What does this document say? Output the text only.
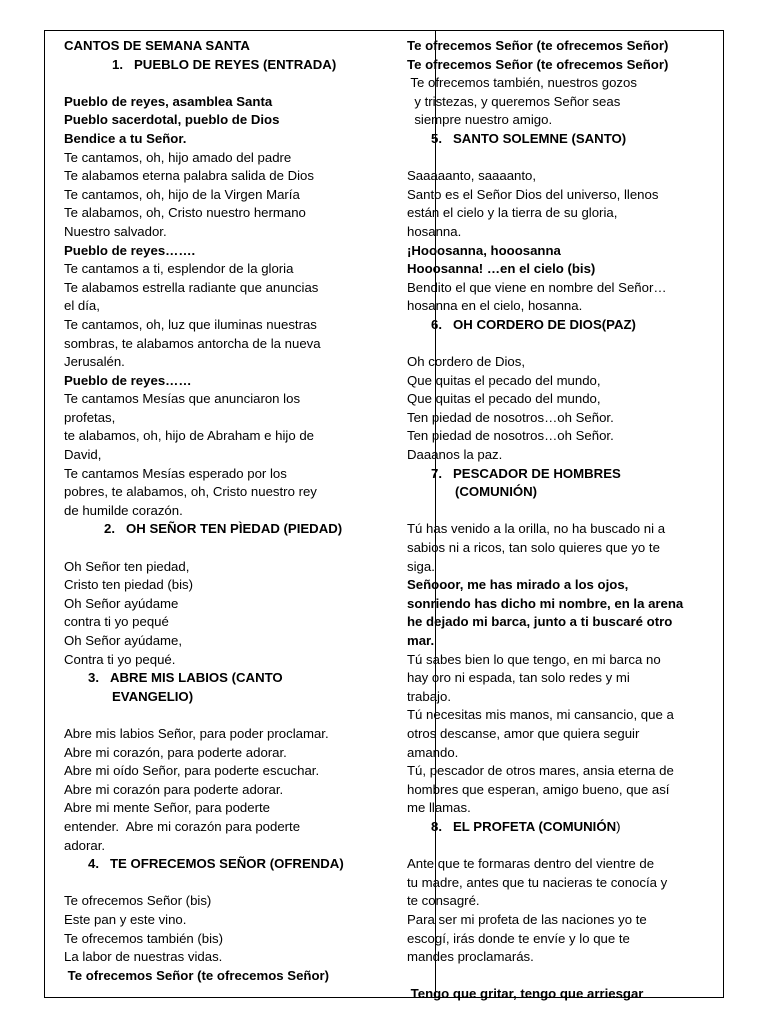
CANTOS DE SEMANA SANTA
1. PUEBLO DE REYES (ENTRADA)
Pueblo de reyes, asamblea Santa
Pueblo sacerdotal, pueblo de Dios
Bendice a tu Señor.
Te cantamos, oh, hijo amado del padre
Te alabamos eterna palabra salida de Dios
Te cantamos, oh, hijo de la Virgen María
Te alabamos, oh, Cristo nuestro hermano
Nuestro salvador.
Pueblo de reyes…….
Te cantamos a ti, esplendor de la gloria
Te alabamos estrella radiante que anuncias
el día,
Te cantamos, oh, luz que iluminas nuestras
sombras, te alabamos antorcha de la nueva
Jerusalén.
Pueblo de reyes……
Te cantamos Mesías que anunciaron los
profetas,
te alabamos, oh, hijo de Abraham e hijo de
David,
Te cantamos Mesías esperado por los
pobres, te alabamos, oh, Cristo nuestro rey
de humilde corazón.
2. OH SEÑOR TEN PÌEDAD (PIEDAD)
Oh Señor ten piedad,
Cristo ten piedad (bis)
Oh Señor ayúdame
contra ti yo pequé
Oh Señor ayúdame,
Contra ti yo pequé.
3. ABRE MIS LABIOS (CANTO
EVANGELIO)
Abre mis labios Señor, para poder proclamar.
Abre mi corazón, para poderte adorar.
Abre mi oído Señor, para poderte escuchar.
Abre mi corazón para poderte adorar.
Abre mi mente Señor, para poderte
entender.  Abre mi corazón para poderte
adorar.
4. TE OFRECEMOS SEÑOR (OFRENDA)
Te ofrecemos Señor (bis)
Este pan y este vino.
Te ofrecemos también (bis)
La labor de nuestras vidas.
Te ofrecemos Señor (te ofrecemos Señor)
Te ofrecemos Señor (te ofrecemos Señor)
Te ofrecemos Señor (te ofrecemos Señor)
Te ofrecemos también, nuestros gozos
y tristezas, y queremos Señor seas
siempre nuestro amigo.
5. SANTO SOLEMNE (SANTO)
Saaaaanto, saaaanto,
Santo es el Señor Dios del universo, llenos
están el cielo y la tierra de su gloria,
hosanna.
¡Hooosanna, hooosanna
Hooosanna! …en el cielo (bis)
Bendito el que viene en nombre del Señor…
hosanna en el cielo, hosanna.
6. OH CORDERO DE DIOS(PAZ)
Oh cordero de Dios,
Que quitas el pecado del mundo,
Que quitas el pecado del mundo,
Ten piedad de nosotros…oh Señor.
Ten piedad de nosotros…oh Señor.
Daaanos la paz.
7. PESCADOR DE HOMBRES
(COMUNIÓN)
Tú has venido a la orilla, no ha buscado ni a
sabios ni a ricos, tan solo quieres que yo te
siga.
Señooor, me has mirado a los ojos,
sonriendo has dicho mi nombre, en la arena
he dejado mi barca, junto a ti buscaré otro
mar.
Tú sabes bien lo que tengo, en mi barca no
hay oro ni espada, tan solo redes y mi
trabajo.
Tú necesitas mis manos, mi cansancio, que a
otros descanse, amor que quiera seguir
amando.
Tú, pescador de otros mares, ansia eterna de
hombres que esperan, amigo bueno, que así
me llamas.
8. EL PROFETA (COMUNIÓN)
Ante que te formaras dentro del vientre de
tu madre, antes que tu nacieras te conocía y
te consagré.
Para ser mi profeta de las naciones yo te
escogí, irás donde te envíe y lo que te
mandes proclamarás.
Tengo que gritar, tengo que arriesgar
